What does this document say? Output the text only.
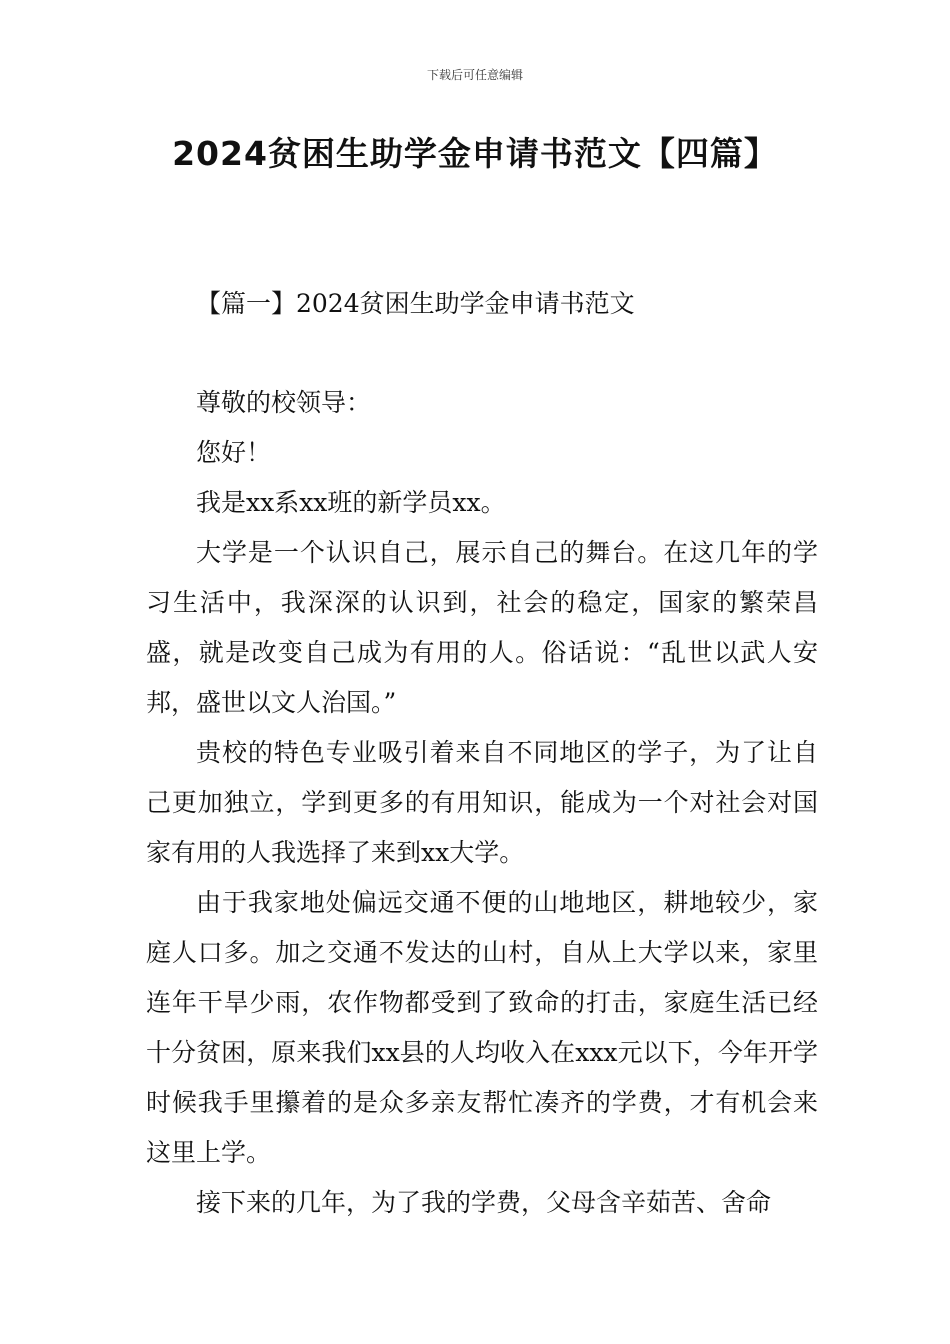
下载后可任意编辑
2024贫困生助学金申请书范文【四篇】
【篇一】2024贫困生助学金申请书范文

尊敬的校领导：

您好！

我是xx系xx班的新学员xx。

大学是一个认识自己，展示自己的舞台。在这几年的学习生活中，我深深的认识到，社会的稳定，国家的繁荣昌盛，就是改变自己成为有用的人。俗话说：“乱世以武人安邦，盛世以文人治国。”

贵校的特色专业吸引着来自不同地区的学子，为了让自己更加独立，学到更多的有用知识，能成为一个对社会对国家有用的人我选择了来到xx大学。

由于我家地处偏远交通不便的山地地区，耕地较少，家庭人口多。加之交通不发达的山村，自从上大学以来，家里连年干旱少雨，农作物都受到了致命的打击，家庭生活已经十分贫困，原来我们xx县的人均收入在xxx元以下，今年开学时候我手里攥着的是众多亲友帮忙凑齐的学费，才有机会来这里上学。

接下来的几年，为了我的学费，父母含辛茹苦、舍命
